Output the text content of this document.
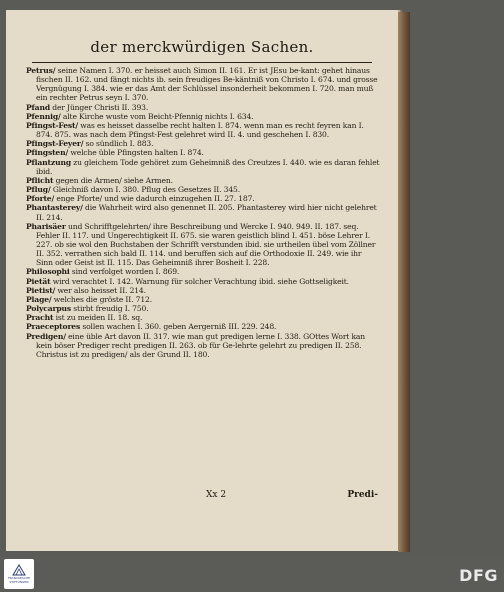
der merckwürdigen Sachen.

Petrus/ seine Namen I. 370. er heisset auch Simon II. 161. Er ist JEsu be-kant: gehet hinaus fischen II. 162. und fängt nichts ib. sein freudiges Be-käntniß von Christo I. 674. und grosse Vergnügung I. 384. wie er das Amt der Schlüssel insonderheit bekommen I. 720. man muß ein rechter Petrus seyn I. 370.

Pfand der Jünger Christi II. 393.

Pfennig/ alte Kirche wuste vom Beicht-Pfennig nichts I. 634.

Pfingst-Fest/ was es heisset dasselbe recht halten I. 874. wenn man es recht feyren kan I. 874. 875. was nach dem Pfingst-Fest gelehret wird II. 4. und geschehen I. 830.

Pfingst-Feyer/ so sündlich I. 883.

Pfingsten/ welche üble Pfingsten halten I. 874.

Pflantzung zu gleichem Tode gehöret zum Geheimniß des Creutzes I. 440. wie es daran fehlet ibid.

Pflicht gegen die Armen/ siehe Armen.

Pflug/ Gleichniß davon I. 380. Pflug des Gesetzes II. 345.

Pforte/ enge Pforte/ und wie dadurch einzugehen II. 27. 187.

Phantasterey/ die Wahrheit wird also genennet II. 205. Phantasterey wird hier nicht gelehret II. 214.

Pharisäer und Schrifftgelehrten/ ihre Beschreibung und Wercke I. 940. 949. II. 187. seq. Fehler II. 117. und Ungerechtigkeit II. 675. sie waren geistlich blind I. 451. böse Lehrer I. 227. ob sie wol den Buchstaben der Schrifft verstunden ibid. sie urtheilen übel vom Zöllner II. 352. verrathen sich bald II. 114. und beruffen sich auf die Orthodoxie II. 249. wie ihr Sinn oder Geist ist II. 115. Das Geheimniß ihrer Bosheit I. 228.

Philosophi sind verfolget worden I. 869.

Pietät wird verachtet I. 142. Warnung für solcher Verachtung ibid. siehe Gottseligkeit.

Pietist/ wer also heisset II. 214.

Plage/ welches die gröste II. 712.

Polycarpus stirbt freudig I. 750.

Pracht ist zu meiden II. 18. sq.

Praeceptores sollen wachen I. 360. geben Aergerniß III. 229. 248.

Predigen/ eine üble Art davon II. 317. wie man gut predigen lerne I. 338. GOttes Wort kan kein böser Prediger recht predigen II. 263. ob für Ge-lehrte gelehrt zu predigen II. 258. Christus ist zu predigen/ als der Grund II. 180.

Xx 2	Predi-
FRANCKESCHE STIFTUNGEN	DFG
